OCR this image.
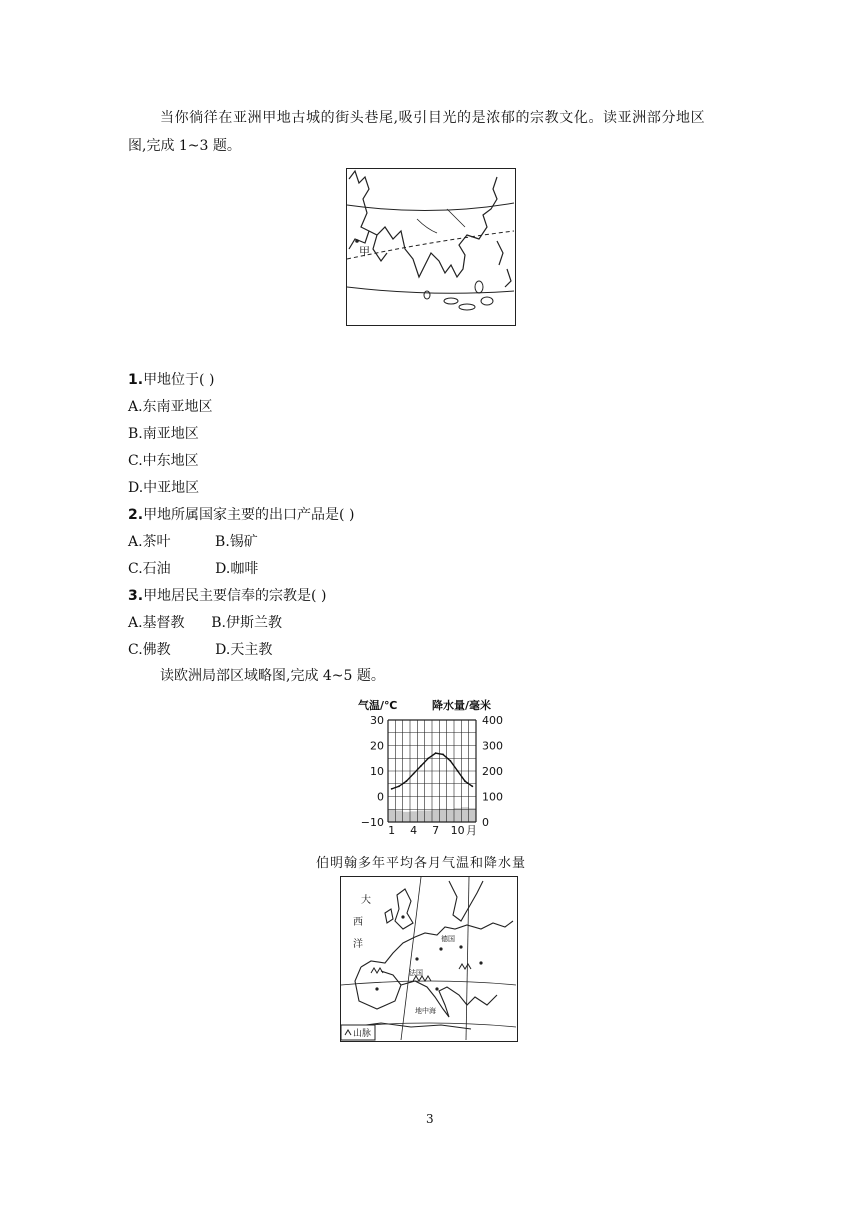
当你徜徉在亚洲甲地古城的街头巷尾,吸引目光的是浓郁的宗教文化。读亚洲部分地区
图,完成 1~3 题。
甲
1.甲地位于( )
A.东南亚地区
B.南亚地区
C.中东地区
D.中亚地区
2.甲地所属国家主要的出口产品是( )
A.茶叶          B.锡矿
C.石油          D.咖啡
3.甲地居民主要信奉的宗教是( )
A.基督教      B.伊斯兰教
C.佛教          D.天主教
读欧洲局部区域略图,完成 4~5 题。
气温/℃	降水量/毫米
30
20
10
0
−10
400
300
200
100
0
1 4 7 10 月
伯明翰多年平均各月气温和降水量
大
西
洋	德国
法国
地中海
山脉
3
